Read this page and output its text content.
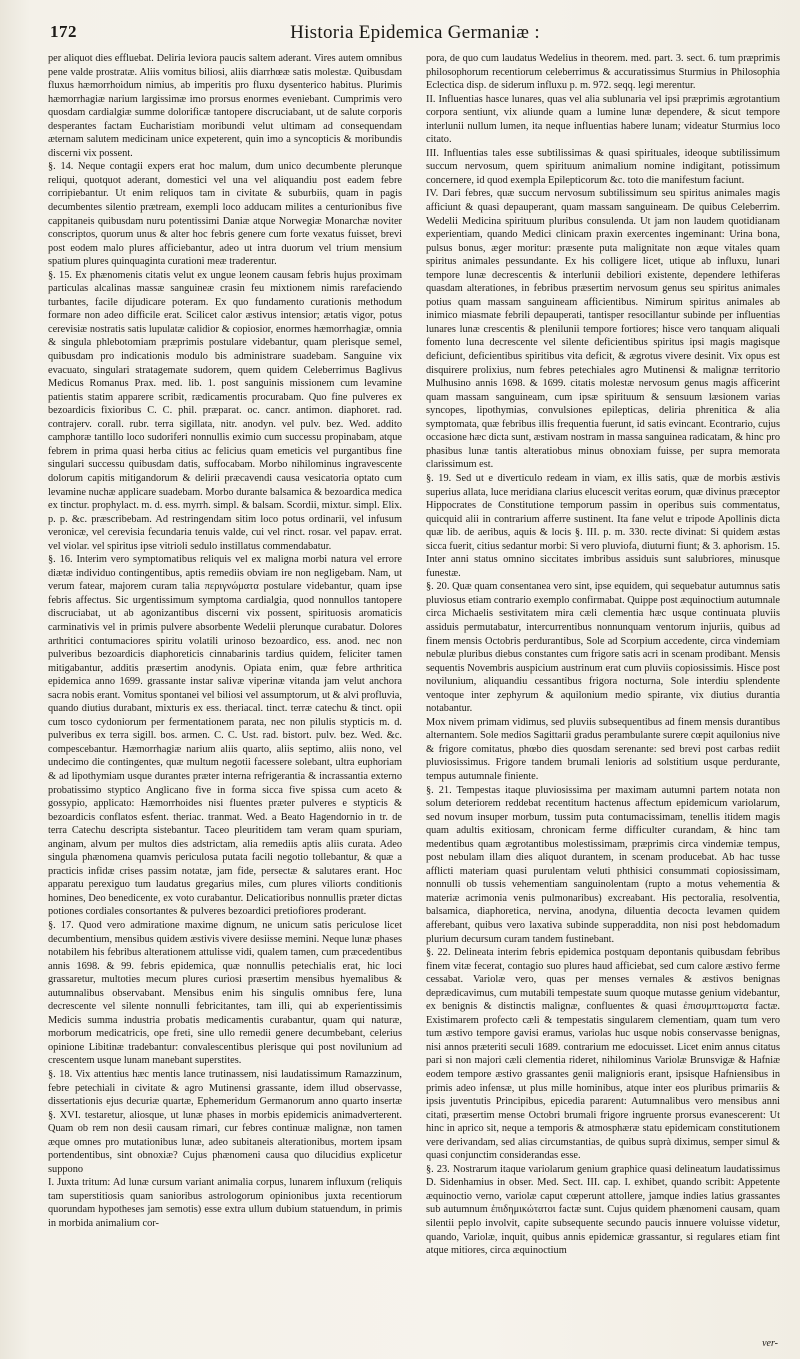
172	Historia Epidemica Germaniæ :

per aliquot dies effluebat. Deliria leviora paucis saltem aderant. Vires autem omnibus pene valde prostratæ. Aliis vomitus biliosi, aliis diarrhœæ satis molestæ. Quibusdam fluxus hæmorrhoidum nimius, ab imperitis pro fluxu dysenterico habitus. Plurimis hæmorrhagiæ narium largissimæ imo prorsus enormes eveniebant. Cumprimis vero quosdam cardialgiæ summe dolorificæ tantopere discruciabant, ut de salute corporis desperantes factam Eucharistiam moribundi velut ultimam ad consequendam æternam salutem medicinam unice expeterent, quin imo a syncopticis & moribundis discerni vix possent.

§. 14. Neque contagii expers erat hoc malum, dum unico decumbente plerunque reliqui, quotquot aderant, domestici vel una vel aliquandiu post eadem febre corripiebantur. Ut enim reliquos tam in civitate & suburbiis, quam in pagis decumbentes silentio prætream, exempli loco adducam milites a centurionibus five cappitaneis quibusdam nuru potentissimi Daniæ atque Norwegiæ Monarchæ noviter conscriptos, quorum unus & alter hoc febris genere cum forte vexatus fuisset, brevi post eodem malo plures afficiebantur, adeo ut intra duorum vel trium mensium spatium plures quinquaginta curationi meæ traderentur.

§. 15. Ex phænomenis citatis velut ex ungue leonem causam febris hujus proximam particulas alcalinas massæ sanguineæ crasin feu mixtionem nimis rarefaciendo turbantes, facile dijudicare poteram. Ex quo fundamento curationis methodum formare non adeo difficile erat. Scilicet calor æstivus intensior; ætatis vigor, potus cerevisiæ nostratis satis lupulatæ calidior & copiosior, enormes hæmorrhagiæ, omnia & singula phlebotomiam præprimis postulare videbantur, quam plerisque semel, quibusdam pro indicationis modulo bis administrare suadebam. Sanguine vix evacuato, singulari stratagemate sudorem, quem quidem Celeberrimus Baglivus Medicus Romanus Prax. med. lib. 1. post sanguinis missionem cum levamine patientis statim apparere scribit, rædicamentis procurabam. Quo fine pulveres ex bezoardicis fixioribus C. C. phil. præparat. oc. cancr. antimon. diaphoret. rad. contrajerv. corall. rubr. terra sigillata, nitr. anodyn. vel pulv. bez. Wed. addito camphoræ tantillo loco sudoriferi nonnullis eximio cum successu propinabam, atque febrem in prima quasi herba citius ac felicius quam emeticis vel purgantibus fine singulari successu quibusdam datis, suffocabam. Morbo nihilominus ingravescente dolorum capitis mitigandorum & delirii præcavendi causa vesicatoria optato cum levamine nuchæ applicare suadebam. Morbo durante balsamica & bezoardica medica ex tinctur. prophylact. m. d. ess. myrrh. simpl. & balsam. Scordii, mixtur. simpl. Elix. p. p. &c. præscribebam. Ad restringendam sitim loco potus ordinarii, vel infusum veronicæ, vel cerevisia fecundaria tenuis valde, cui vel rinct. rosar. vel papav. errat. vel violar. vel spiritus ipse vitrioli sedulo instillatus commendabatur.

§. 16. Interim vero symptomatibus reliquis vel ex maligna morbi natura vel errore diætæ individuo contingentibus, aptis remediis obviam ire non negligebam. Nam, ut verum fatear, majorem curam talia περιγνώματα postulare videbantur, quam ipse febris affectus. Sic urgentissimum symptoma cardialgia, quod nonnullos tantopere discruciabat, ut ab agonizantibus discerni vix possent, spirituosis aromaticis carminativis vel in primis pulvere absorbente Wedelii plerunque curabatur. Dolores arthritici contumaciores spiritu volatili urinoso bezoardico, ess. anod. nec non pulveribus bezoardicis diaphoreticis cinnabarinis tardius quidem, feliciter tamen mitigabantur, additis præsertim anodynis. Opiata enim, quæ febre arthritica epidemica anno 1699. grassante instar salivæ viperinæ vitanda jam velut anchora sacra nobis erant. Vomitus spontanei vel biliosi vel assumptorum, ut & alvi profluvia, quando diutius durabant, mixturis ex ess. theriacal. tinct. terræ catechu & tinct. opii cum tosco cydoniorum per fermentationem parata, nec non pilulis stypticis m. d. pulveribus ex terra sigill. bos. armen. C. C. Ust. rad. bistort. pulv. bez. Wed. &c. compescebantur. Hæmorrhagiæ narium aliis quarto, aliis septimo, aliis nono, vel undecimo die contingentes, quæ multum negotii facessere solebant, ultra euphoriam & ad lipothymiam usque durantes præter interna refrigerantia & incrassantia externo probatissimo styptico Anglicano five in forma sicca five spissa cum aceto & gossypio, applicato: Hæmorrhoides nisi fluentes præter pulveres e stypticis & bezoardicis conflatos esfent. theriac. tranmat. Wed. a Beato Hagendornio in tr. de terra Catechu descripta sistebantur. Taceo pleuritidem tam veram quam spuriam, anginam, alvum per multos dies adstrictam, alia remediis aptis aliis curata. Adeo singula phænomena quamvis periculosa putata facili negotio tollebantur, & quæ a practicis infidæ crises passim notatæ, jam fide, persectæ & salutares erant. Hoc apparatu perexiguo tum laudatus gregarius miles, cum plures viliorts conditionis homines, Deo benedicente, ex voto curabantur. Delicatioribus nonnullis præter dictas potiones cordiales consortantes & pulveres bezoardici pretiofiores proderant.

§. 17. Quod vero admiratione maxime dignum, ne unicum satis periculose licet decumbentium, mensibus quidem æstivis vivere desiisse memini. Neque lunæ phases notabilem his febribus alterationem attulisse vidi, qualem tamen, cum præcedentibus annis 1698. & 99. febris epidemica, quæ nonnullis petechialis erat, hic loci grassaretur, multoties mecum plures curiosi præsertim mensibus hyemalibus & autumnalibus observabant. Mensibus enim his singulis omnibus fere, luna decrescente vel silente nonnulli febricitantes, tam illi, qui ab experientissimis Medicis summa industria probatis medicamentis curabantur, quam qui naturæ, morborum medicatricis, ope freti, sine ullo remedii genere decumbebant, celerius opinione Libitinæ tradebantur: convalescentibus plerisque qui post novilunium ad crescentem usque lunam manebant superstites.

§. 18. Vix attentius hæc mentis lance trutinassem, nisi laudatissimum Ramazzinum, febre petechiali in civitate & agro Mutinensi grassante, idem illud observasse, dissertationis ejus decuriæ quartæ, Ephemeridum Germanorum anno quarto insertæ §. XVI. testaretur, aliosque, ut lunæ phases in morbis epidemicis animadverterent. Quam ob rem non desii causam rimari, cur febres continuæ malignæ, non tamen æque omnes pro mutationibus lunæ, adeo subitaneis alterationibus, mortem ipsam portendentibus, sint obnoxiæ? Cujus phænomeni causa quo dilucidius explicetur suppono

I. Juxta tritum: Ad lunæ cursum variant animalia corpus, lunarem influxum (reliquis tam superstitiosis quam sanioribus astrologorum opinionibus juxta recentiorum quorundam hypotheses jam semotis) esse extra ullum dubium statuendum, in primis in morbida animalium cor-

pora, de quo cum laudatus Wedelius in theorem. med. part. 3. sect. 6. tum præprimis philosophorum recentiorum celeberrimus & accuratissimus Sturmius in Philosophia Eclectica disp. de siderum influxu p. m. 972. seqq. legi merentur.

II. Influentias hasce lunares, quas vel alia sublunaria vel ipsi præprimis ægrotantium corpora sentiunt, vix aliunde quam a lumine lunæ dependere, & sicut tempore interlunii nullum lumen, ita neque influentias habere lunam; videatur Sturmius loco citato.

III. Influentias tales esse subtilissimas & quasi spirituales, ideoque subtilissimum succum nervosum, quem spirituum animalium nomine indigitant, potissimum concernere, id quod exempla Epilepticorum &c. toto die manifestum faciunt.

IV. Dari febres, quæ succum nervosum subtilissimum seu spiritus animales magis afficiunt & quasi depauperant, quam massam sanguineam. De quibus Celeberrim. Wedelii Medicina spirituum pluribus consulenda. Ut jam non laudem quotidianam experientiam, quando Medici clinicam praxin exercentes ingeminant: Urina bona, pulsus bonus, æger moritur: præsente puta malignitate non æque vitales quam spiritus animales pessundante. Ex his colligere licet, utique ab influxu, lunari tempore lunæ decrescentis & interlunii debiliori existente, dependere lethiferas quasdam alterationes, in febribus præsertim nervosum genus seu spiritus animales potius quam massam sanguineam afficientibus. Nimirum spiritus animales ab inimico miasmate febrili depauperati, tantisper resocillantur subinde per influentias lunares lunæ crescentis & plenilunii tempore fortiores; hisce vero tanquam aliquali fomento luna decrescente vel silente deficientibus spiritus ipsi magis magisque deficiunt, deficientibus spiritibus vita deficit, & ægrotus vivere desinit. Vix opus est disquirere prolixius, num febres petechiales agro Mutinensi & malignæ territorio Mulhusino annis 1698. & 1699. citatis molestæ nervosum genus magis afficerint quam massam sanguineam, cum ipsæ spirituum & sensuum læsionem varias syncopes, lipothymias, convulsiones epilepticas, deliria phrenitica & alia symptomata, quæ febribus illis frequentia fuerunt, id satis evincant. Econtrario, cujus occasione hæc dicta sunt, æstivam nostram in massa sanguinea radicatam, & hinc pro phasibus lunæ tantis alteratiobus minus obnoxiam fuisse, per supra memorata clarissimum est.

§. 19. Sed ut e diverticulo redeam in viam, ex illis satis, quæ de morbis æstivis superius allata, luce meridiana clarius elucescit veritas eorum, quæ divinus præceptor Hippocrates de Constitutione temporum passim in operibus suis commentatus, quicquid alii in contrarium afferre sustinent. Ita fane velut e tripode Apollinis dicta quæ lib. de aeribus, aquis & locis §. III. p. m. 330. recte divinat: Si quidem æstas sicca fuerit, citius sedantur morbi: Si vero pluviofa, diuturni fiunt; & 3. aphorism. 15. Inter anni status omnino siccitates imbribus assiduis sunt salubriores, minusque funestæ.

§. 20. Quæ quam consentanea vero sint, ipse equidem, qui sequebatur autumnus satis pluviosus etiam contrario exemplo confirmabat. Quippe post æquinoctium autumnale circa Michaelis sestivitatem mira cæli clementia hæc usque continuata pluviis assiduis permutabatur, intercurrentibus nonnunquam ventorum injuriis, quibus ad finem mensis Octobris perdurantibus, Sole ad Scorpium accedente, circa vindemiam nebulæ pluribus diebus constantes cum frigore satis acri in scenam prodibant. Mensis sequentis Novembris auspicium austrinum erat cum pluviis copiosissimis. Hisce post novilunium, aliquandiu cessantibus frigora nocturna, Sole interdiu splendente ventoque inter zephyrum & aquilonium medio spirante, vix diutius durantia notabantur.

Mox nivem primam vidimus, sed pluviis subsequentibus ad finem mensis durantibus alternantem. Sole medios Sagittarii gradus perambulante surere cœpit aquilonius nive & frigore comitatus, phœbo dies quosdam serenante: sed brevi post carbas rediit pluviosissimus. Frigore tandem brumali lenioris ad solstitium usque perdurante, tempus autumnale finiente.

§. 21. Tempestas itaque pluviosissima per maximam autumni partem notata non solum deteriorem reddebat recentitum hactenus affectum epidemicum variolarum, sed novum insuper morbum, tussim puta contumacissimam, tenellis itidem magis quam adultis exitiosam, chronicam ferme difficulter curandam, & hinc tam medentibus quam ægrotantibus molestissimam, præprimis circa vindemiæ tempus, post nebulam illam dies aliquot durantem, in scenam producebat. Ab hac tusse afflicti materiam quasi purulentam veluti phthisici consummati copiosissimam, nonnulli ob tussis vehementiam sanguinolentam (rupto a motus vehementia & materiæ acrimonia venis pulmonaribus) excreabant. His pectoralia, resolventia, balsamica, diaphoretica, nervina, anodyna, diluentia decocta levamen quidem afferebant, quibus vero laxativa subinde supperaddita, non nisi post hebdomadum plurium decursum curam tandem fustinebant.

§. 22. Delineata interim febris epidemica postquam depontanis quibusdam febribus finem vitæ fecerat, contagio suo plures haud afficiebat, sed cum calore æstivo ferme cessabat. Variolæ vero, quas per menses vernales & æstivos benignas deprædicavimus, cum mutabili tempestate suum quoque mutasse genium videbantur, ex benignis & distinctis malignæ, confluentes & quasi ἐπισυμπτωματα factæ. Existimarem profecto cæli & tempestatis singularem clementiam, quam tum vero tum æstivo tempore gavisi eramus, variolas huc usque nobis conservasse benignas, nisi annos præteriti seculi 1689. contrarium me edocuisset. Licet enim annus citatus pari si non majori cæli clementia rideret, nihilominus Variolæ Brunsvigæ & Hafniæ eodem tempore æstivo grassantes genii malignioris erant, ipsisque Hafniensibus in primis adeo infensæ, ut plus mille hominibus, atque inter eos pluribus primariis & ipsis juventutis Principibus, epicedia pararent: Autumnalibus vero mensibus anni citati, præsertim mense Octobri brumali frigore ingruente prorsus evanescerent: Ut hinc in aprico sit, neque a temporis & atmosphæræ statu epidemicam constitutionem vere derivandam, sed alias circumstantias, de quibus suprà diximus, semper simul & quasi conjunctim considerandas esse.

§. 23. Nostrarum itaque variolarum genium graphice quasi delineatum laudatissimus D. Sidenhamius in obser. Med. Sect. III. cap. I. exhibet, quando scribit: Appetente æquinoctio verno, variolæ caput cœperunt attollere, jamque indies latius grassantes sub autumnum ἐπιδημικώτατοι factæ sunt. Cujus quidem phænomeni causam, quam silentii peplo involvit, capite subsequente secundo paucis innuere voluisse videtur, quando, Variolæ, inquit, quibus annis epidemicæ grassantur, si regulares etiam fint atque mitiores, circa æquinoctium

ver-
